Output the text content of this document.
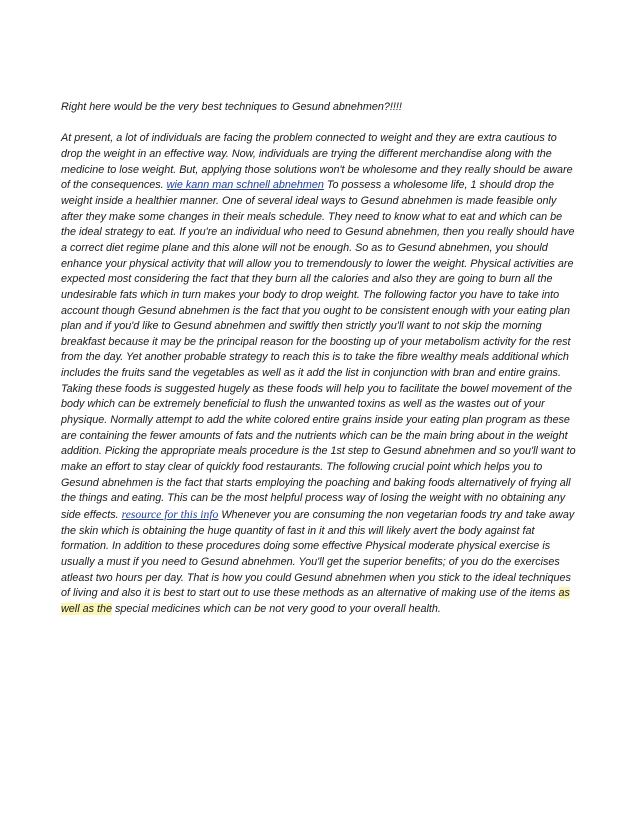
Right here would be the very best techniques to Gesund abnehmen?!!!!

At present, a lot of individuals are facing the problem connected to weight and they are extra cautious to drop the weight in an effective way. Now, individuals are trying the different merchandise along with the medicine to lose weight. But, applying those solutions won't be wholesome and they really should be aware of the consequences. wie kann man schnell abnehmen To possess a wholesome life, 1 should drop the weight inside a healthier manner. One of several ideal ways to Gesund abnehmen is made feasible only after they make some changes in their meals schedule. They need to know what to eat and which can be the ideal strategy to eat. If you're an individual who need to Gesund abnehmen, then you really should have a correct diet regime plane and this alone will not be enough. So as to Gesund abnehmen, you should enhance your physical activity that will allow you to tremendously to lower the weight. Physical activities are expected most considering the fact that they burn all the calories and also they are going to burn all the undesirable fats which in turn makes your body to drop weight. The following factor you have to take into account though Gesund abnehmen is the fact that you ought to be consistent enough with your eating plan plan and if you'd like to Gesund abnehmen and swiftly then strictly you'll want to not skip the morning breakfast because it may be the principal reason for the boosting up of your metabolism activity for the rest from the day. Yet another probable strategy to reach this is to take the fibre wealthy meals additional which includes the fruits sand the vegetables as well as it add the list in conjunction with bran and entire grains.

Taking these foods is suggested hugely as these foods will help you to facilitate the bowel movement of the body which can be extremely beneficial to flush the unwanted toxins as well as the wastes out of your physique. Normally attempt to add the white colored entire grains inside your eating plan program as these are containing the fewer amounts of fats and the nutrients which can be the main bring about in the weight addition. Picking the appropriate meals procedure is the 1st step to Gesund abnehmen and so you'll want to make an effort to stay clear of quickly food restaurants. The following crucial point which helps you to Gesund abnehmen is the fact that starts employing the poaching and baking foods alternatively of frying all the things and eating. This can be the most helpful process way of losing the weight with no obtaining any side effects. resource for this info Whenever you are consuming the non vegetarian foods try and take away the skin which is obtaining the huge quantity of fast in it and this will likely avert the body against fat formation. In addition to these procedures doing some effective Physical moderate physical exercise is usually a must if you need to Gesund abnehmen. You'll get the superior benefits; of you do the exercises atleast two hours per day. That is how you could Gesund abnehmen when you stick to the ideal techniques of living and also it is best to start out to use these methods as an alternative of making use of the items as well as the special medicines which can be not very good to your overall health.
